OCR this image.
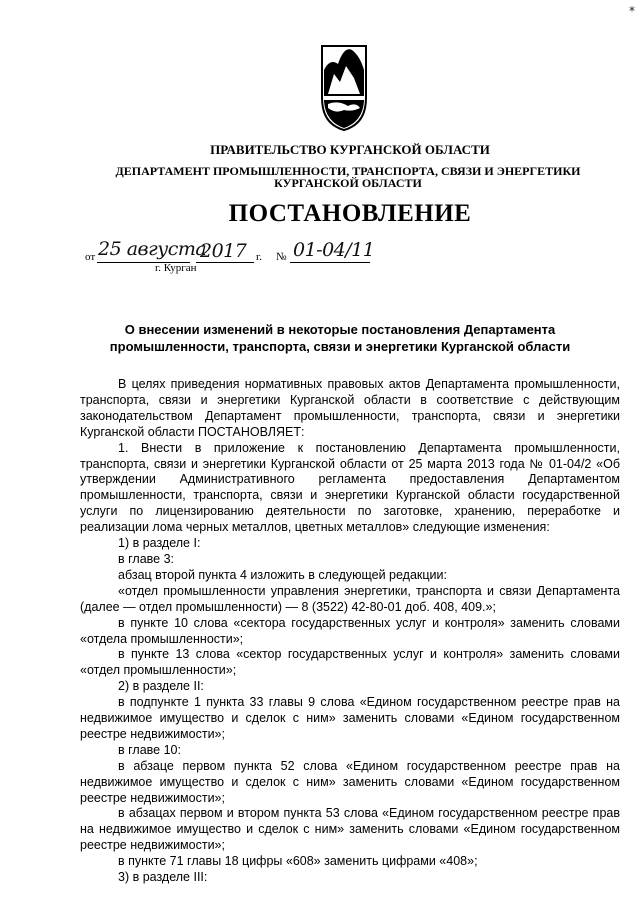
*
ПРАВИТЕЛЬСТВО КУРГАНСКОЙ ОБЛАСТИ
ДЕПАРТАМЕНТ ПРОМЫШЛЕННОСТИ, ТРАНСПОРТА, СВЯЗИ И ЭНЕРГЕТИКИ
КУРГАНСКОЙ ОБЛАСТИ
ПОСТАНОВЛЕНИЕ
от 25 августа
2017 г. № 01-04/11
г. Курган
О внесении изменений в некоторые постановления Департамента
промышленности, транспорта, связи и энергетики Курганской области

В целях приведения нормативных правовых актов Департамента промышленности, транспорта, связи и энергетики Курганской области в соответствие с действующим законодательством Департамент промышленности, транспорта, связи и энергетики Курганской области ПОСТАНОВЛЯЕТ:

1. Внести в приложение к постановлению Департамента промышленности, транспорта, связи и энергетики Курганской области от 25 марта 2013 года № 01-04/2 «Об утверждении Административного регламента предоставления Департаментом промышленности, транспорта, связи и энергетики Курганской области государственной услуги по лицензированию деятельности по заготовке, хранению, переработке и реализации лома черных металлов, цветных металлов» следующие изменения:

1) в разделе I:

в главе 3:

абзац второй пункта 4 изложить в следующей редакции:

«отдел промышленности управления энергетики, транспорта и связи Департамента (далее — отдел промышленности) — 8 (3522) 42-80-01 доб. 408, 409.»;

в пункте 10 слова «сектора государственных услуг и контроля» заменить словами «отдела промышленности»;

в пункте 13 слова «сектор государственных услуг и контроля» заменить словами «отдел промышленности»;

2) в разделе II:

в подпункте 1 пункта 33 главы 9 слова «Едином государственном реестре прав на недвижимое имущество и сделок с ним» заменить словами «Едином государственном реестре недвижимости»;

в главе 10:

в абзаце первом пункта 52 слова «Едином государственном реестре прав на недвижимое имущество и сделок с ним» заменить словами «Едином государственном реестре недвижимости»;

в абзацах первом и втором пункта 53 слова «Едином государственном реестре прав на недвижимое имущество и сделок с ним» заменить словами «Едином государственном реестре недвижимости»;

в пункте 71 главы 18 цифры «608» заменить цифрами «408»;

3) в разделе III:
